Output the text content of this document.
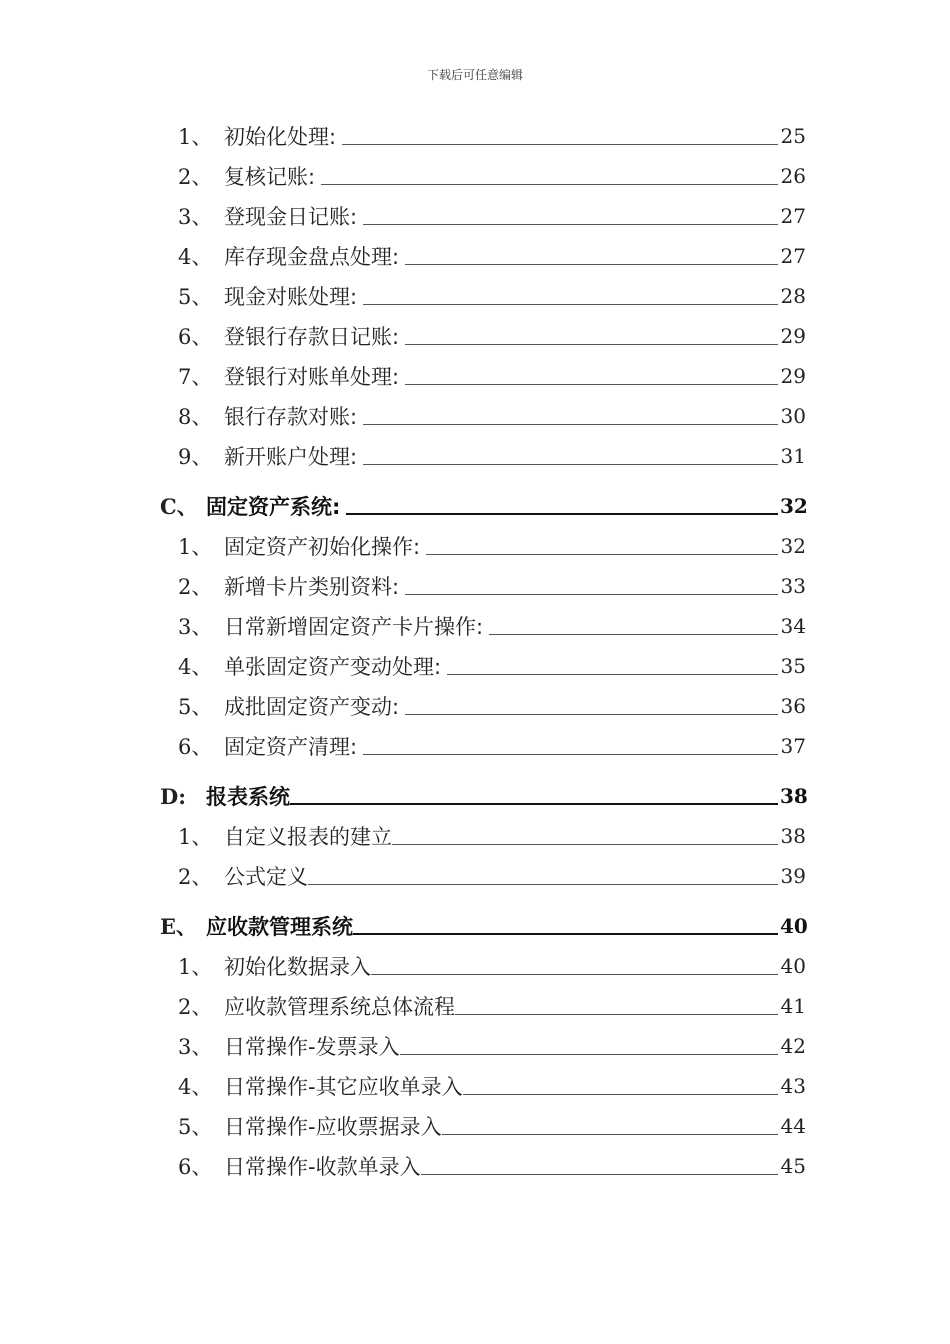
下载后可任意编辑
1、 初始化处理:	25
2、 复核记账:	26
3、 登现金日记账:	27
4、 库存现金盘点处理:	27
5、 现金对账处理:	28
6、 登银行存款日记账:	29
7、 登银行对账单处理:	29
8、 银行存款对账:	30
9、 新开账户处理:	31
C、 固定资产系统:	32
1、 固定资产初始化操作:	32
2、 新增卡片类别资料:	33
3、 日常新增固定资产卡片操作:	34
4、 单张固定资产变动处理:	35
5、 成批固定资产变动:	36
6、 固定资产清理:	37
D: 报表系统	38
1、 自定义报表的建立	38
2、 公式定义	39
E、 应收款管理系统	40
1、 初始化数据录入	40
2、 应收款管理系统总体流程	41
3、 日常操作-发票录入	42
4、 日常操作-其它应收单录入	43
5、 日常操作-应收票据录入	44
6、 日常操作-收款单录入	45
